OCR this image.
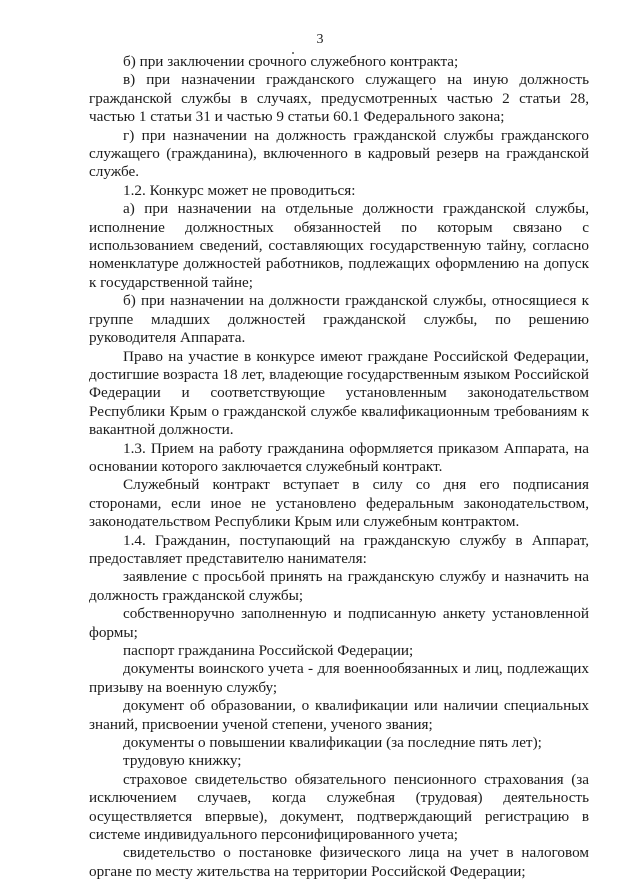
3

б) при заключении срочного служебного контракта;

в) при назначении гражданского служащего на иную должность гражданской службы в случаях, предусмотренных частью 2 статьи 28, частью 1 статьи 31 и частью 9 статьи 60.1 Федерального закона;

г) при назначении на должность гражданской службы гражданского служащего (гражданина), включенного в кадровый резерв на гражданской службе.

1.2. Конкурс может не проводиться:

а) при назначении на отдельные должности гражданской службы, исполнение должностных обязанностей по которым связано с использованием сведений, составляющих государственную тайну, согласно номенклатуре должностей работников, подлежащих оформлению на допуск к государственной тайне;

б) при назначении на должности гражданской службы, относящиеся к группе младших должностей гражданской службы, по решению руководителя Аппарата.

Право на участие в конкурсе имеют граждане Российской Федерации, достигшие возраста 18 лет, владеющие государственным языком Российской Федерации и соответствующие установленным законодательством Республики Крым о гражданской службе квалификационным требованиям к вакантной должности.

1.3. Прием на работу гражданина оформляется приказом Аппарата, на основании которого заключается служебный контракт.

Служебный контракт вступает в силу со дня его подписания сторонами, если иное не установлено федеральным законодательством, законодательством Республики Крым или служебным контрактом.

1.4. Гражданин, поступающий на гражданскую службу в Аппарат, предоставляет представителю нанимателя:

заявление с просьбой принять на гражданскую службу и назначить на должность гражданской службы;

собственноручно заполненную и подписанную анкету установленной формы;

паспорт гражданина Российской Федерации;

документы воинского учета - для военнообязанных и лиц, подлежащих призыву на военную службу;

документ об образовании, о квалификации или наличии специальных знаний, присвоении ученой степени, ученого звания;

документы о повышении квалификации (за последние пять лет);

трудовую книжку;

страховое свидетельство обязательного пенсионного страхования (за исключением случаев, когда служебная (трудовая) деятельность осуществляется впервые), документ, подтверждающий регистрацию в системе индивидуального персонифицированного учета;

свидетельство о постановке физического лица на учет в налоговом органе по месту жительства на территории Российской Федерации;
